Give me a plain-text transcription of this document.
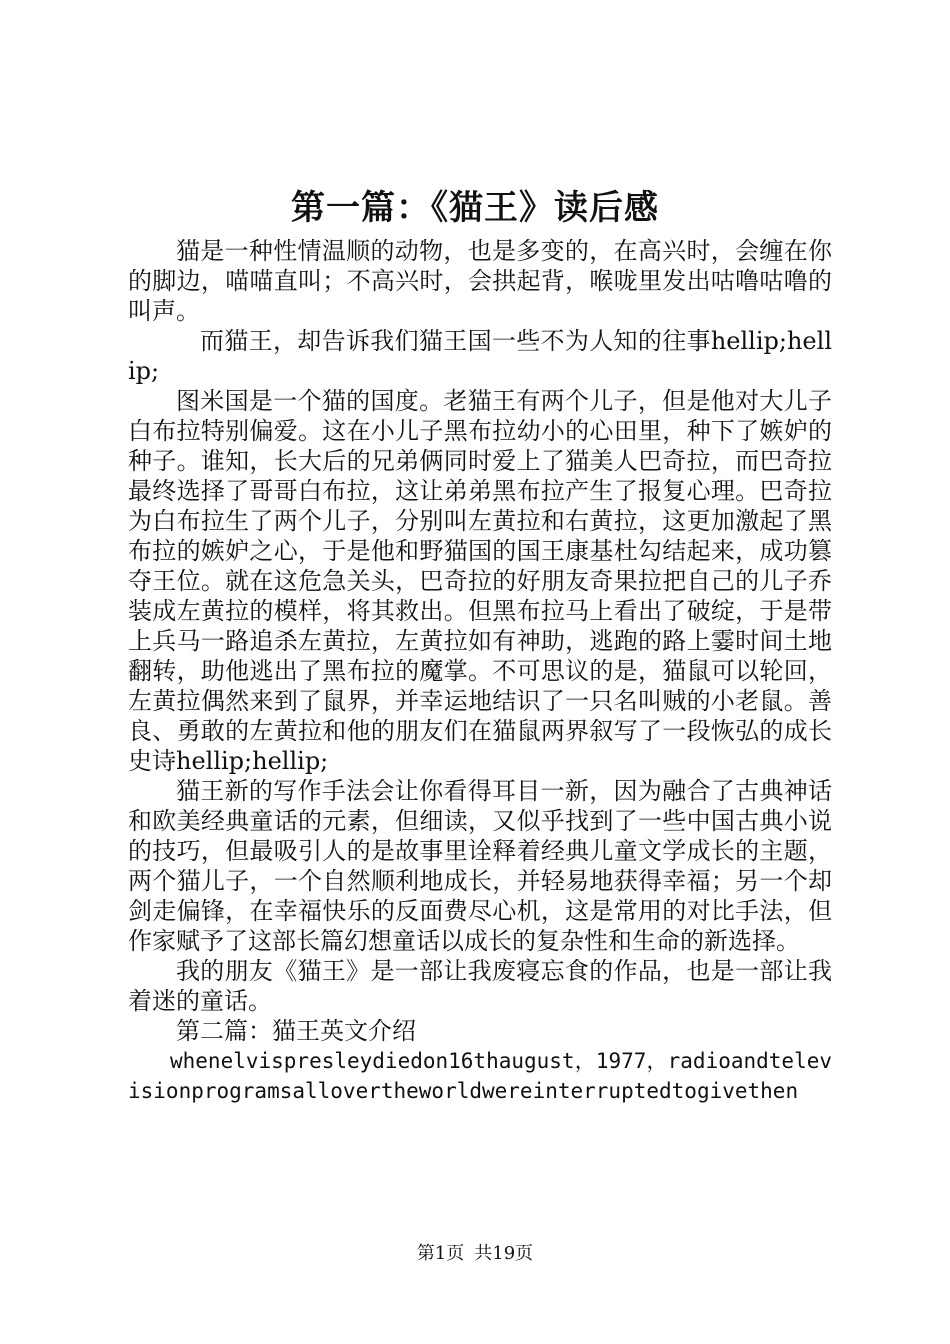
第一篇：《猫王》读后感

猫是一种性情温顺的动物，也是多变的，在高兴时，会缠在你的脚边，喵喵直叫；不高兴时，会拱起背，喉咙里发出咕噜咕噜的叫声。

而猫王，却告诉我们猫王国一些不为人知的往事hellip;hellip;

图米国是一个猫的国度。老猫王有两个儿子，但是他对大儿子白布拉特别偏爱。这在小儿子黑布拉幼小的心田里，种下了嫉妒的种子。谁知，长大后的兄弟俩同时爱上了猫美人巴奇拉，而巴奇拉最终选择了哥哥白布拉，这让弟弟黑布拉产生了报复心理。巴奇拉为白布拉生了两个儿子，分别叫左黄拉和右黄拉，这更加激起了黑布拉的嫉妒之心，于是他和野猫国的国王康基杜勾结起来，成功篡夺王位。就在这危急关头，巴奇拉的好朋友奇果拉把自己的儿子乔装成左黄拉的模样，将其救出。但黑布拉马上看出了破绽，于是带上兵马一路追杀左黄拉，左黄拉如有神助，逃跑的路上霎时间土地翻转，助他逃出了黑布拉的魔掌。不可思议的是，猫鼠可以轮回，左黄拉偶然来到了鼠界，并幸运地结识了一只名叫贼的小老鼠。善良、勇敢的左黄拉和他的朋友们在猫鼠两界叙写了一段恢弘的成长史诗hellip;hellip;

猫王新的写作手法会让你看得耳目一新，因为融合了古典神话和欧美经典童话的元素，但细读，又似乎找到了一些中国古典小说的技巧，但最吸引人的是故事里诠释着经典儿童文学成长的主题，两个猫儿子，一个自然顺利地成长，并轻易地获得幸福；另一个却剑走偏锋，在幸福快乐的反面费尽心机，这是常用的对比手法，但作家赋予了这部长篇幻想童话以成长的复杂性和生命的新选择。

我的朋友《猫王》是一部让我废寝忘食的作品，也是一部让我着迷的童话。

第二篇：猫王英文介绍

whenelvispresleydiedon16thaugust，1977，radioandtelevisionprogramsallovertheworldwereinterruptedtogivethen

第1页 共19页
